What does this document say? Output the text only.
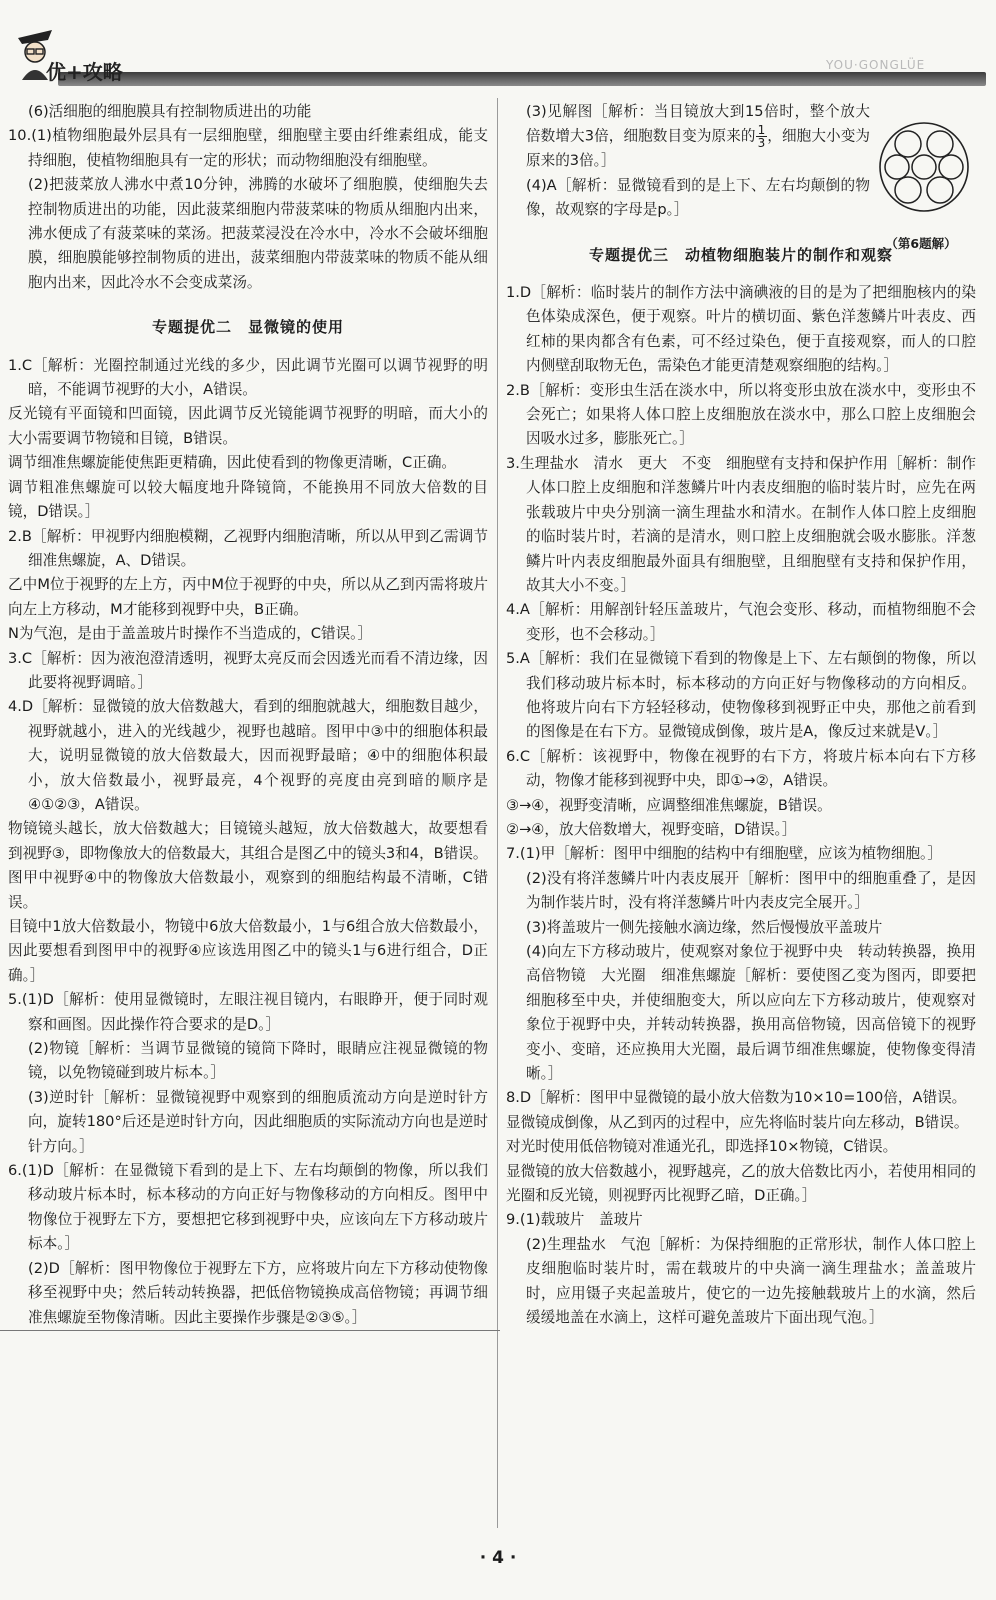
优+攻略	YOU·GONGLÜE

(6)活细胞的细胞膜具有控制物质进出的功能

10.(1)植物细胞最外层具有一层细胞壁，细胞壁主要由纤维素组成，能支持细胞，使植物细胞具有一定的形状；而动物细胞没有细胞壁。

(2)把菠菜放人沸水中煮10分钟，沸腾的水破坏了细胞膜，使细胞失去控制物质进出的功能，因此菠菜细胞内带菠菜味的物质从细胞内出来，沸水便成了有菠菜味的菜汤。把菠菜浸没在冷水中，冷水不会破坏细胞膜，细胞膜能够控制物质的进出，菠菜细胞内带菠菜味的物质不能从细胞内出来，因此冷水不会变成菜汤。

专题提优二　显微镜的使用

1.C［解析：光圈控制通过光线的多少，因此调节光圈可以调节视野的明暗，不能调节视野的大小，A错误。

反光镜有平面镜和凹面镜，因此调节反光镜能调节视野的明暗，而大小的大小需要调节物镜和目镜，B错误。

调节细准焦螺旋能使焦距更精确，因此使看到的物像更清晰，C正确。

调节粗准焦螺旋可以较大幅度地升降镜筒，不能换用不同放大倍数的目镜，D错误。］

2.B［解析：甲视野内细胞模糊，乙视野内细胞清晰，所以从甲到乙需调节细准焦螺旋，A、D错误。

乙中M位于视野的左上方，丙中M位于视野的中央，所以从乙到丙需将玻片向左上方移动，M才能移到视野中央，B正确。

N为气泡，是由于盖盖玻片时操作不当造成的，C错误。］

3.C［解析：因为液泡澄清透明，视野太亮反而会因透光而看不清边缘，因此要将视野调暗。］

4.D［解析：显微镜的放大倍数越大，看到的细胞就越大，细胞数目越少，视野就越小，进入的光线越少，视野也越暗。图甲中③中的细胞体积最大，说明显微镜的放大倍数最大，因而视野最暗；④中的细胞体积最小，放大倍数最小，视野最亮，4个视野的亮度由亮到暗的顺序是④①②③，A错误。

物镜镜头越长，放大倍数越大；目镜镜头越短，放大倍数越大，故要想看到视野③，即物像放大的倍数最大，其组合是图乙中的镜头3和4，B错误。

图甲中视野④中的物像放大倍数最小，观察到的细胞结构最不清晰，C错误。

目镜中1放大倍数最小，物镜中6放大倍数最小，1与6组合放大倍数最小，因此要想看到图甲中的视野④应该选用图乙中的镜头1与6进行组合，D正确。］

5.(1)D［解析：使用显微镜时，左眼注视目镜内，右眼睁开，便于同时观察和画图。因此操作符合要求的是D。］

(2)物镜［解析：当调节显微镜的镜筒下降时，眼睛应注视显微镜的物镜，以免物镜碰到玻片标本。］

(3)逆时针［解析：显微镜视野中观察到的细胞质流动方向是逆时针方向，旋转180°后还是逆时针方向，因此细胞质的实际流动方向也是逆时针方向。］

6.(1)D［解析：在显微镜下看到的是上下、左右均颠倒的物像，所以我们移动玻片标本时，标本移动的方向正好与物像移动的方向相反。图甲中物像位于视野左下方，要想把它移到视野中央，应该向左下方移动玻片标本。］

(2)D［解析：图甲物像位于视野左下方，应将玻片向左下方移动使物像移至视野中央；然后转动转换器，把低倍物镜换成高倍物镜；再调节细准焦螺旋至物像清晰。因此主要操作步骤是②③⑤。］

(3)见解图［解析：当目镜放大到15倍时，整个放大倍数增大3倍，细胞数目变为原来的 $\frac{1}{3}$ ，细胞大小变为原来的3倍。］

(4)A［解析：显微镜看到的是上下、左右均颠倒的物像，故观察的字母是p。］

专题提优三　动植物细胞装片的制作和观察

1.D［解析：临时装片的制作方法中滴碘液的目的是为了把细胞核内的染色体染成深色，便于观察。叶片的横切面、紫色洋葱鳞片叶表皮、西红柿的果肉都含有色素，可不经过染色，便于直接观察，而人的口腔内侧壁刮取物无色，需染色才能更清楚观察细胞的结构。］

2.B［解析：变形虫生活在淡水中，所以将变形虫放在淡水中，变形虫不会死亡；如果将人体口腔上皮细胞放在淡水中，那么口腔上皮细胞会因吸水过多，膨胀死亡。］

3.生理盐水　清水　更大　不变　细胞壁有支持和保护作用［解析：制作人体口腔上皮细胞和洋葱鳞片叶内表皮细胞的临时装片时，应先在两张载玻片中央分别滴一滴生理盐水和清水。在制作人体口腔上皮细胞的临时装片时，若滴的是清水，则口腔上皮细胞就会吸水膨胀。洋葱鳞片叶内表皮细胞最外面具有细胞壁，且细胞壁有支持和保护作用，故其大小不变。］

4.A［解析：用解剖针轻压盖玻片，气泡会变形、移动，而植物细胞不会变形，也不会移动。］

5.A［解析：我们在显微镜下看到的物像是上下、左右颠倒的物像，所以我们移动玻片标本时，标本移动的方向正好与物像移动的方向相反。他将玻片向右下方轻轻移动，使物像移到视野正中央，那他之前看到的图像是在右下方。显微镜成倒像，玻片是A，像反过来就是V。］

6.C［解析：该视野中，物像在视野的右下方，将玻片标本向右下方移动，物像才能移到视野中央，即①→②，A错误。

③→④，视野变清晰，应调整细准焦螺旋，B错误。

②→④，放大倍数增大，视野变暗，D错误。］

7.(1)甲［解析：图甲中细胞的结构中有细胞壁，应该为植物细胞。］

(2)没有将洋葱鳞片叶内表皮展开［解析：图甲中的细胞重叠了，是因为制作装片时，没有将洋葱鳞片叶内表皮完全展开。］

(3)将盖玻片一侧先接触水滴边缘，然后慢慢放平盖玻片

(4)向左下方移动玻片，使观察对象位于视野中央　转动转换器，换用高倍物镜　大光圈　细准焦螺旋［解析：要使图乙变为图丙，即要把细胞移至中央，并使细胞变大，所以应向左下方移动玻片，使观察对象位于视野中央，并转动转换器，换用高倍物镜，因高倍镜下的视野变小、变暗，还应换用大光圈，最后调节细准焦螺旋，使物像变得清晰。］

8.D［解析：图甲中显微镜的最小放大倍数为10×10=100倍，A错误。

显微镜成倒像，从乙到丙的过程中，应先将临时装片向左移动，B错误。

对光时使用低倍物镜对准通光孔，即选择10×物镜，C错误。

显微镜的放大倍数越小，视野越亮，乙的放大倍数比丙小，若使用相同的光圈和反光镜，则视野丙比视野乙暗，D正确。］

9.(1)载玻片　盖玻片

(2)生理盐水　气泡［解析：为保持细胞的正常形状，制作人体口腔上皮细胞临时装片时，需在载玻片的中央滴一滴生理盐水；盖盖玻片时，应用镊子夹起盖玻片，使它的一边先接触载玻片上的水滴，然后缓缓地盖在水滴上，这样可避免盖玻片下面出现气泡。］

（第6题解）
· 4 ·
